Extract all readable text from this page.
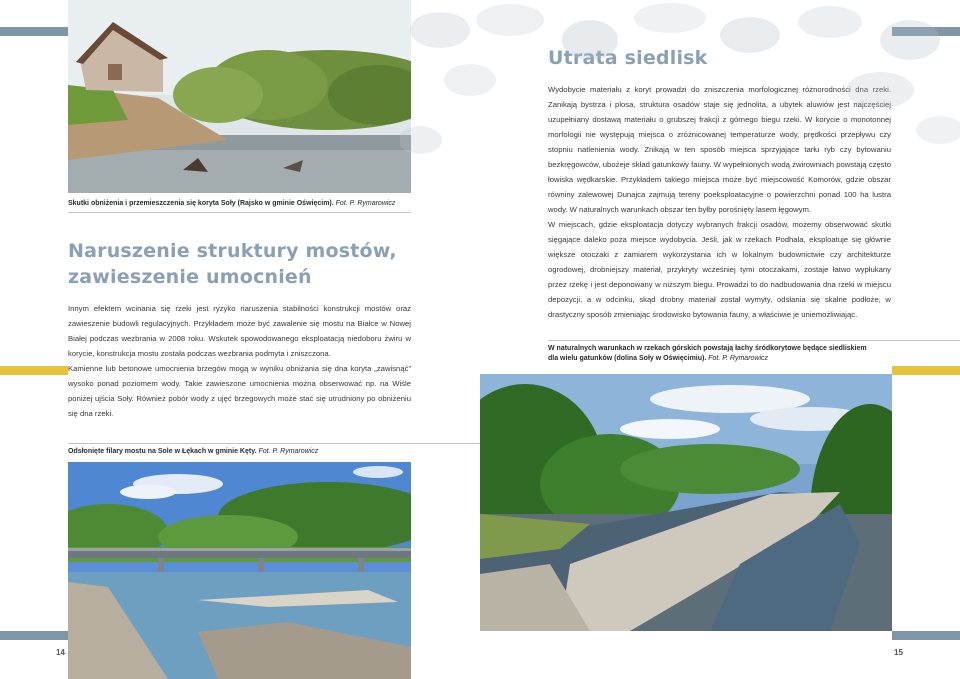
Skutki obniżenia i przemieszczenia się koryta Soły (Rajsko w gminie Oświęcim). Fot. P. Rymarowicz
Naruszenie struktury mostów,
zawieszenie umocnień

Innym efektem wcinania się rzeki jest ryzyko naruszenia stabilności konstrukcji mostów oraz zawieszenie budowli regulacyjnych. Przykładem może być zawalenie się mostu na Białce w Nowej Białej podczas wezbrania w 2008 roku. Wskutek spowodowanego eksploatacją niedoboru żwiru w korycie, konstrukcja mostu została podczas wezbrania podmyta i zniszczona.

Kamienne lub betonowe umocnienia brzegów mogą w wyniku obniżania się dna koryta „zawisnąć” wysoko ponad poziomem wody. Takie zawieszone umocnienia można obserwować np. na Wiśle poniżej ujścia Soły. Również pobór wody z ujęć brzegowych może stać się utrudniony po obniżeniu się dna rzeki.

Odsłonięte filary mostu na Sole w Łękach w gminie Kęty. Fot. P. Rymarowicz
14
Utrata siedlisk

Wydobycie materiału z koryt prowadzi do zniszczenia morfologicznej różnorodności dna rzeki. Zanikają bystrza i plosa, struktura osadów staje się jednolita, a ubytek aluwiów jest najczęściej uzupełniany dostawą materiału o grubszej frakcji z górnego biegu rzeki. W korycie o monotonnej morfologii nie występują miejsca o zróżnicowanej temperaturze wody, prędkości przepływu czy stopniu natlenienia wody. Znikają w ten sposób miejsca sprzyjające tarłu ryb czy bytowaniu bezkręgowców, ubożeje skład gatunkowy fauny. W wypełnionych wodą żwirowniach powstają często łowiska wędkarskie. Przykładem takiego miejsca może być miejscowość Komorów, gdzie obszar równiny zalewowej Dunajca zajmują tereny poeksploatacyjne o powierzchni ponad 100 ha lustra wody. W naturalnych warunkach obszar ten byłby porośnięty lasem łęgowym.

W miejscach, gdzie eksploatacja dotyczy wybranych frakcji osadów, możemy obserwować skutki sięgające daleko poza miejsce wydobycia. Jeśli, jak w rzekach Podhala, eksploatuje się głównie większe otoczaki z zamiarem wykorzystania ich w lokalnym budownictwie czy architekturze ogrodowej, drobniejszy materiał, przykryty wcześniej tymi otoczakami, zostaje łatwo wypłukany przez rzekę i jest deponowany w niższym biegu. Prowadzi to do nadbudowania dna rzeki w miejscu depozycji, a w odcinku, skąd drobny materiał został wymyty, odsłania się skalne podłoże, w drastyczny sposób zmieniając środowisko bytowania fauny, a właściwie je uniemożliwiając.

W naturalnych warunkach w rzekach górskich powstają łachy śródkorytowe będące siedliskiem
dla wielu gatunków (dolina Soły w Oświęcimiu). Fot. P. Rymarowicz
15
